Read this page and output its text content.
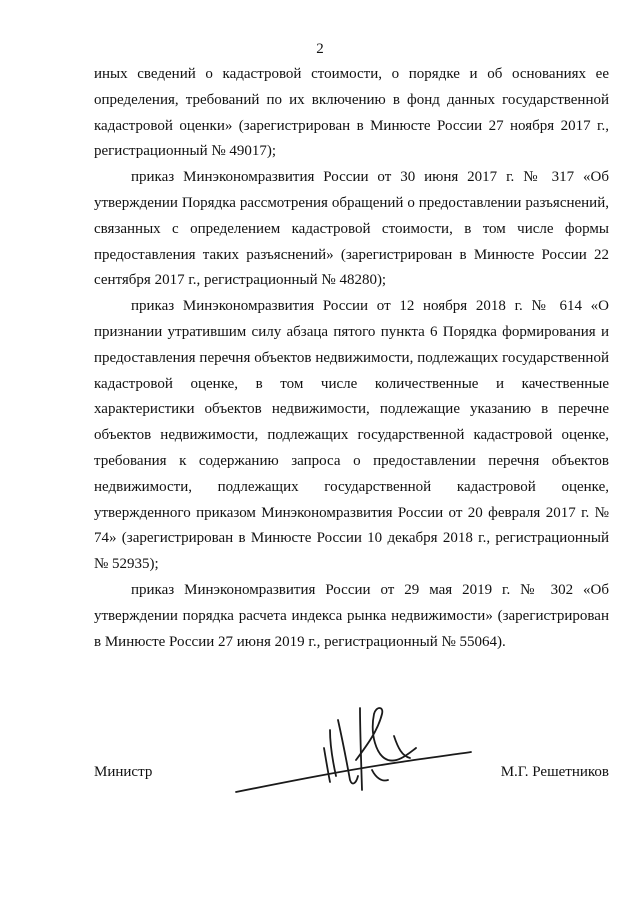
2

иных сведений о кадастровой стоимости, о порядке и об основаниях ее определения, требований по их включению в фонд данных государственной кадастровой оценки» (зарегистрирован в Минюсте России 27 ноября 2017 г., регистрационный № 49017);

приказ Минэкономразвития России от 30 июня 2017 г. № 317 «Об утверждении Порядка рассмотрения обращений о предоставлении разъяснений, связанных с определением кадастровой стоимости, в том числе формы предоставления таких разъяснений» (зарегистрирован в Минюсте России 22 сентября 2017 г., регистрационный № 48280);

приказ Минэкономразвития России от 12 ноября 2018 г. № 614 «О признании утратившим силу абзаца пятого пункта 6 Порядка формирования и предоставления перечня объектов недвижимости, подлежащих государственной кадастровой оценке, в том числе количественные и качественные характеристики объектов недвижимости, подлежащие указанию в перечне объектов недвижимости, подлежащих государственной кадастровой оценке, требования к содержанию запроса о предоставлении перечня объектов недвижимости, подлежащих государственной кадастровой оценке, утвержденного приказом Минэкономразвития России от 20 февраля 2017 г. № 74» (зарегистрирован в Минюсте России 10 декабря 2018 г., регистрационный № 52935);

приказ Минэкономразвития России от 29 мая 2019 г. № 302 «Об утверждении порядка расчета индекса рынка недвижимости» (зарегистрирован в Минюсте России 27 июня 2019 г., регистрационный № 55064).

Министр	М.Г. Решетников
